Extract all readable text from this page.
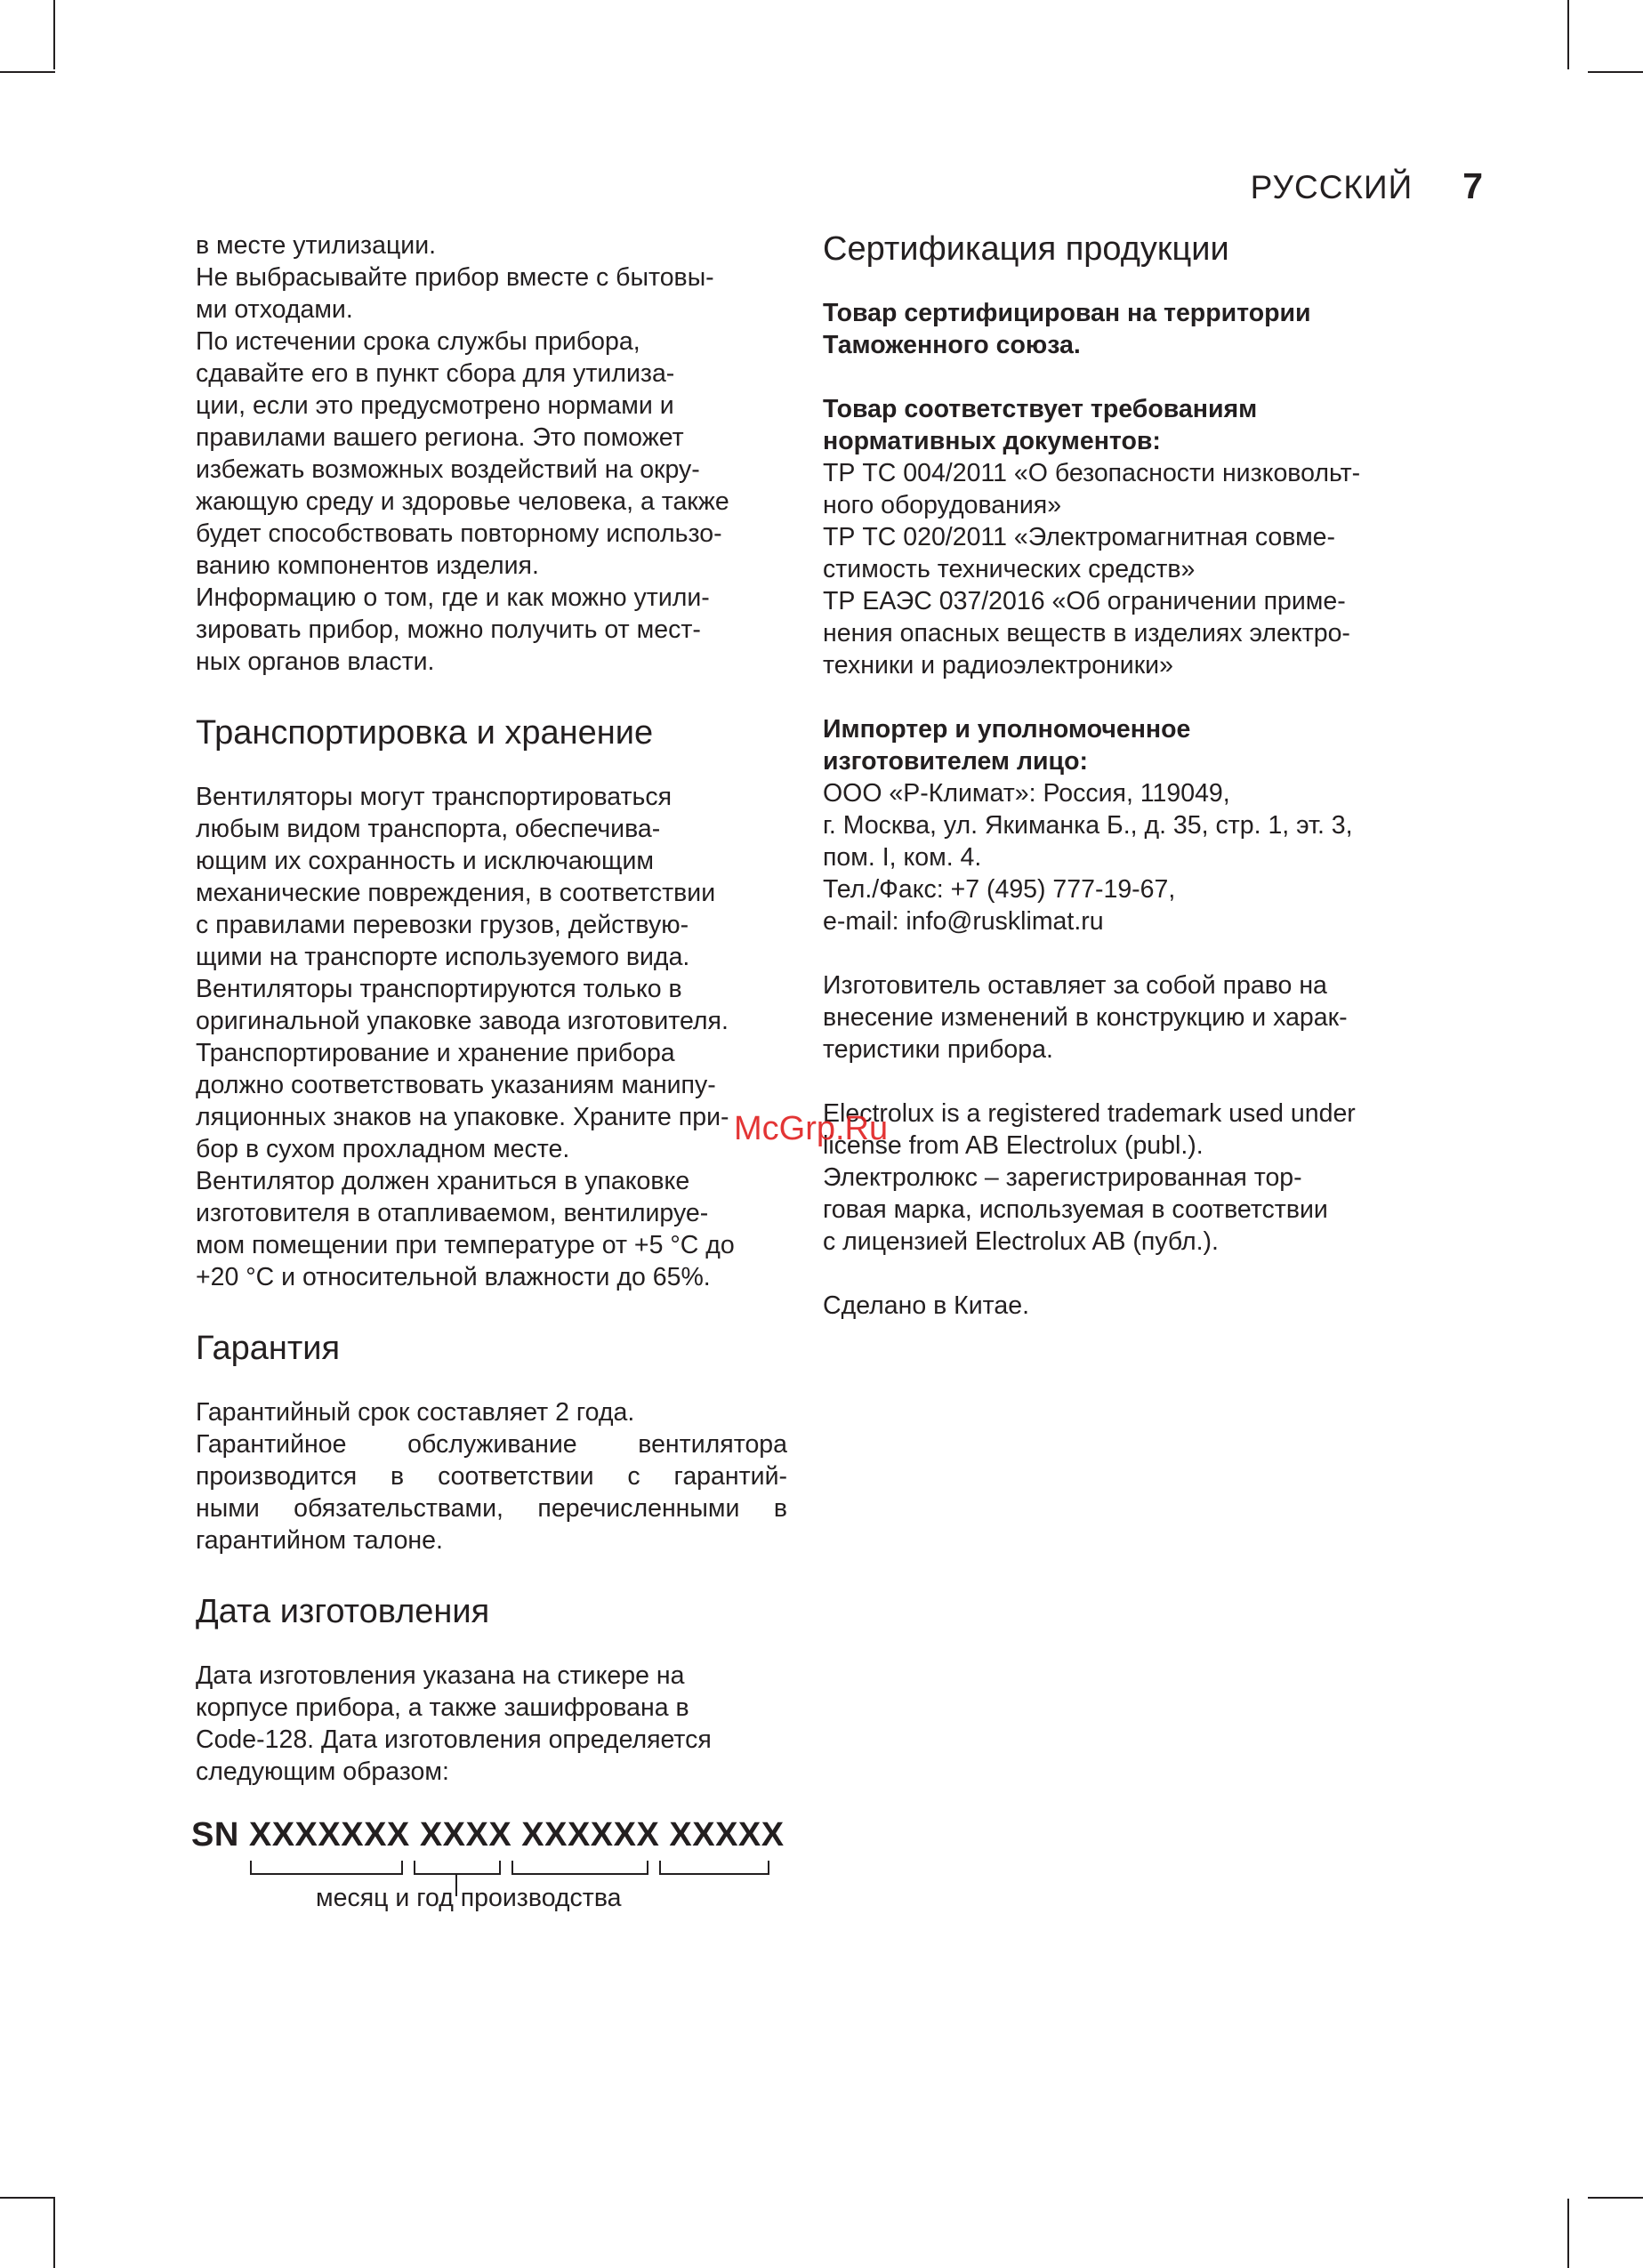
РУССКИЙ 7
в месте утилизации.
Не выбрасывайте прибор вместе с бытовы-
ми отходами.
По истечении срока службы прибора,
сдавайте его в пункт сбора для утилиза-
ции, если это предусмотрено нормами и
правилами вашего региона. Это поможет
избежать возможных воздействий на окру-
жающую среду и здоровье человека, а также
будет способствовать повторному использо-
ванию компонентов изделия.
Информацию о том, где и как можно утили-
зировать прибор, можно получить от мест-
ных органов власти.
Транспортировка и хранение
Вентиляторы могут транспортироваться
любым видом транспорта, обеспечива-
ющим их сохранность и исключающим
механические повреждения, в соответствии
с правилами перевозки грузов, действую-
щими на транспорте используемого вида.
Вентиляторы транспортируются только в
оригинальной упаковке завода изготовителя.
Транспортирование и хранение прибора
должно соответствовать указаниям манипу-
ляционных знаков на упаковке. Храните при-
бор в сухом прохладном месте.
Вентилятор должен храниться в упаковке
изготовителя в отапливаемом, вентилируе-
мом помещении при температуре от +5 °С до
+20 °С и относительной влажности до 65%.
Гарантия
Гарантийный срок составляет 2 года.
Гарантийное обслуживание вентилятора
производится в соответствии с гарантий-
ными обязательствами, перечисленными в
гарантийном талоне.
Дата изготовления
Дата изготовления указана на стикере на
корпусе прибора, а также зашифрована в
Code-128. Дата изготовления определяется
следующим образом:
SN XXXXXXX XXXX XXXXXX XXXXX
месяц и год производства
Сертификация продукции
Товар сертифицирован на территории
Таможенного союза.
Товар соответствует требованиям
нормативных документов:
ТР ТС 004/2011 «О безопасности низковольт-
ного оборудования»
ТР ТС 020/2011 «Электромагнитная совме-
стимость технических средств»
ТР ЕАЭС 037/2016 «Об ограничении приме-
нения опасных веществ в изделиях электро-
техники и радиоэлектроники»
Импортер и уполномоченное
изготовителем лицо:
ООО «Р-Климат»: Россия, 119049,
г. Москва, ул. Якиманка Б., д. 35, стр. 1, эт. 3,
пом. I, ком. 4.
Тел./Факс: +7 (495) 777-19-67,
e-mail: info@rusklimat.ru
Изготовитель оставляет за собой право на
внесение изменений в конструкцию и харак-
теристики прибора.
Electrolux is a registered trademark used under
license from AB Electrolux (publ.).
Электролюкс – зарегистрированная тор-
говая марка, используемая в соответствии
с лицензией Electrolux AB (публ.).
Сделано в Китае.
McGrp.Ru
